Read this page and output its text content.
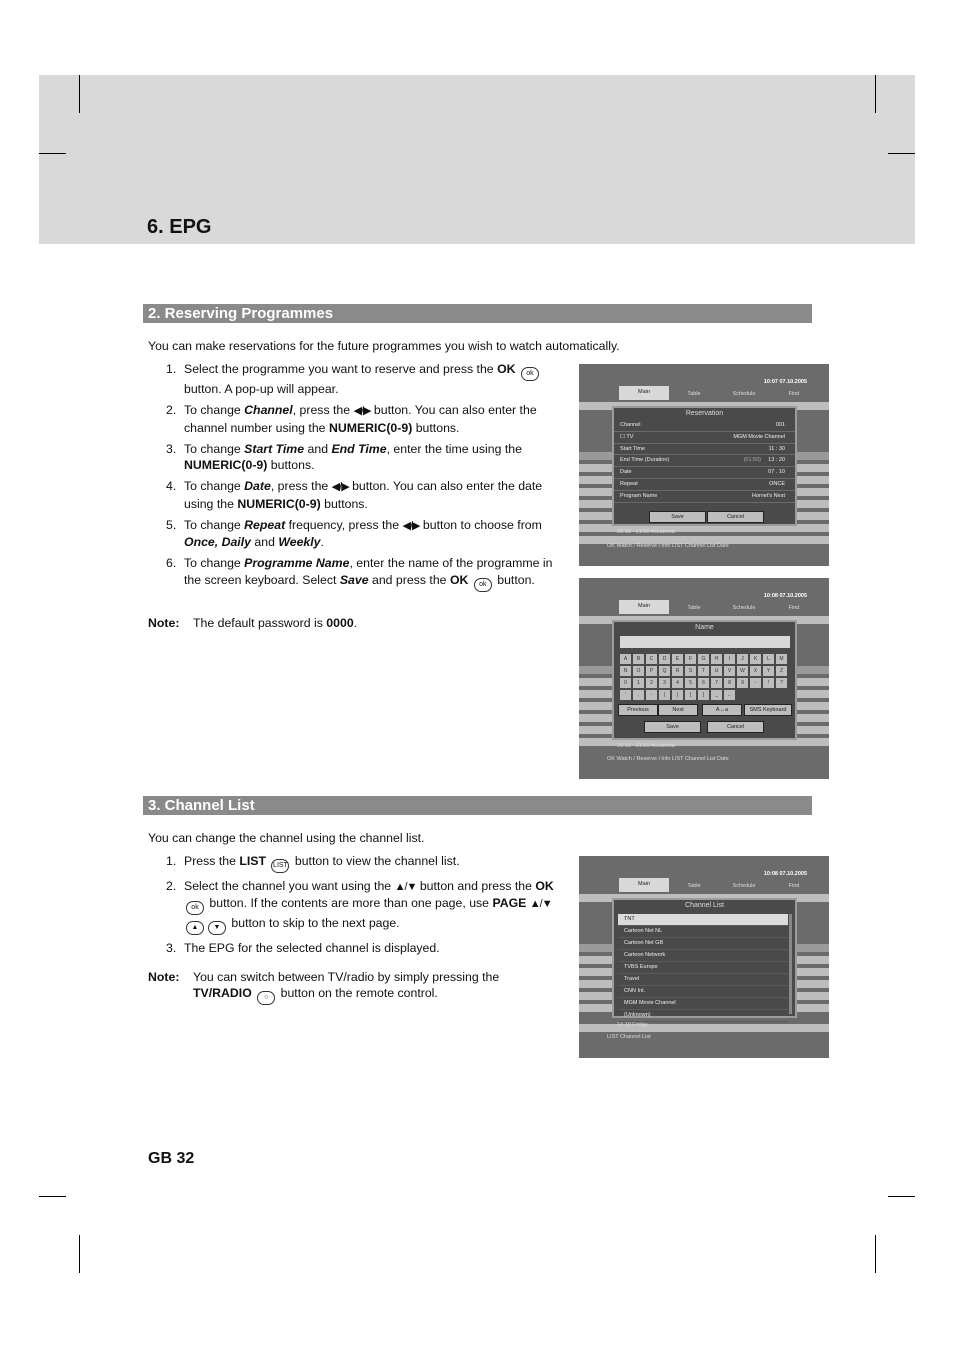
6. EPG
2. Reserving Programmes

You can make reservations for the future programmes you wish to watch automatically.

1. Select the programme you want to reserve and press the OK ok button. A pop-up will appear.
2. To change Channel, press the ◀/▶ button. You can also enter the channel number using the NUMERIC(0-9) buttons.
3. To change Start Time and End Time, enter the time using the NUMERIC(0-9) buttons.
4. To change Date, press the ◀/▶ button. You can also enter the date using the NUMERIC(0-9) buttons.
5. To change Repeat frequency, press the ◀/▶ button to choose from Once, Daily and Weekly.
6. To change Programme Name, enter the name of the programme in the screen keyboard. Select Save and press the OK ok button.
Note: The default password is 0000.
10:07 07.10.2005
Main	Table	Schedule	Find
Reservation
Channel	001
☐ TV	MGM Movie Channel
Start Time	11 : 30
End Time (Duration)	(01:50) 13 : 20
Date	07 . 10
Repeat	ONCE
Program Name	Hornet's Nest
Save	Cancel
20:15 - 21:50 Accidenta
OK Watch / Reserve i Info LIST Channel List Date
10:08 07.10.2005
Main	Table	Schedule	Find
Name
A	B	C	D	E	F	G	H	I	J	K	L	M
N	O	P	Q	R	S	T	U	V	W	X	Y	Z
0	1	2	3	4	5	6	7	8	9	-	!	?
'	,	-	(	)	[	]	_	←
Previous	Next	A↔a	SMS Keyboard
Save	Cancel
20:15 - 21:50 Accidenta
OK Watch / Reserve i Info LIST Channel List Date
3. Channel List

You can change the channel using the channel list.

1. Press the LIST LIST button to view the channel list.
2. Select the channel you want using the ▲/▼ button and press the OK ok button. If the contents are more than one page, use PAGE ▲/▼ ▲ ▼ button to skip to the next page.
3. The EPG for the selected channel is displayed.
Note: You can switch between TV/radio by simply pressing the
TV/RADIO ○ button on the remote control.
10:08 07.10.2005
Main	Table	Schedule	Find
Channel List
TNT
Cartoon Net NL
Cartoon Net GB
Cartoon Network
TVBS Europe
Travel
CNN Int.
MGM Movie Channel
(Unknown)
14.10 Friday
LIST Channel List
GB 32
